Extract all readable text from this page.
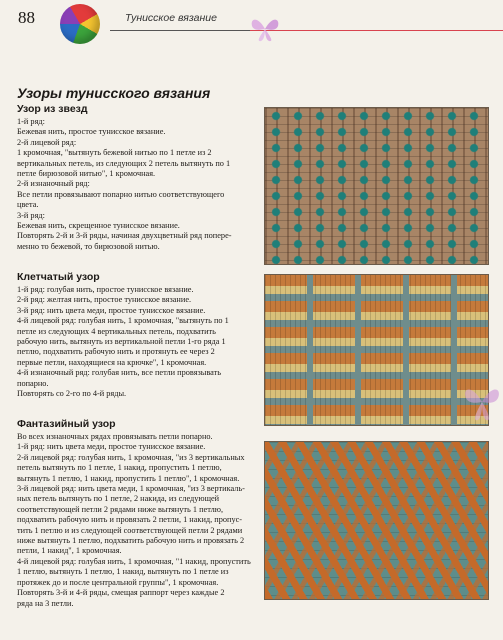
88	Тунисское вязание
Узоры тунисского вязания
Узор из звезд
1-й ряд:
Бежевая нить, простое тунисское вязание.
2-й лицевой ряд:
1 кромочная, "вытянуть бежевой нитью по 1 петле из 2
вертикальных петель, из следующих 2 петель вытянуть по 1
петле бирюзовой нитью", 1 кромочная.
2-й изнаночный ряд:
Все петли провязывают попарно нитью соответствующего
цвета.
3-й ряд:
Бежевая нить, скрещенное тунисское вязание.
Повторять 2-й и 3-й ряды, начиная двухцветный ряд попере-
менно то бежевой, то бирюзовой нитью.
Клетчатый узор
1-й ряд: голубая нить, простое тунисское вязание.
2-й ряд: желтая нить, простое тунисское вязание.
3-й ряд: нить цвета меди, простое тунисское вязание.
4-й лицевой ряд: голубая нить, 1 кромочная, "вытянуть по 1
петле из следующих 4 вертикальных петель, подхватить
рабочую нить, вытянуть из вертикальной петли 1-го ряда 1
петлю, подхватить рабочую нить и протянуть ее через 2
первые петли, находящиеся на крючке", 1 кромочная.
4-й изнаночный ряд: голубая нить, все петли провязывать
попарно.
Повторять со 2-го по 4-й ряды.
Фантазийный узор
Во всех изнаночных рядах провязывать петли попарно.
1-й ряд: нить цвета меди, простое тунисское вязание.
2-й лицевой ряд: голубая нить, 1 кромочная, "из 3 вертикальных
петель вытянуть по 1 петле, 1 накид, пропустить 1 петлю,
вытянуть 1 петлю, 1 накид, пропустить 1 петлю", 1 кромочная.
3-й лицевой ряд: нить цвета меди, 1 кромочная, "из 3 вертикаль-
ных петель вытянуть по 1 петле, 2 накида, из следующей
соответствующей петли 2 рядами ниже вытянуть 1 петлю,
подхватить рабочую нить и провязать 2 петли, 1 накид, пропус-
тить 1 петлю и из следующей соответствующей петли 2 рядами
ниже вытянуть 1 петлю, подхватить рабочую нить и провязать 2
петли, 1 накид", 1 кромочная.
4-й лицевой ряд: голубая нить, 1 кромочная, "1 накид, пропустить
1 петлю, вытянуть 1 петлю, 1 накид, вытянуть по 1 петле из
протяжек до и после центральной группы", 1 кромочная.
Повторять 3-й и 4-й ряды, смещая раппорт через каждые 2
ряда на 3 петли.
